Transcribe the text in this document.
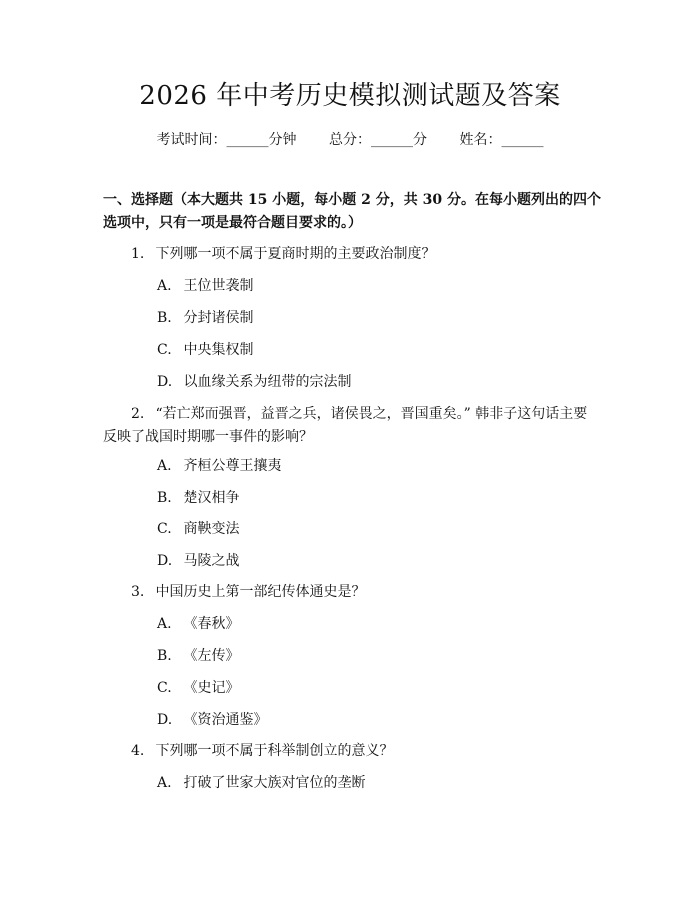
2026 年中考历史模拟测试题及答案
考试时间：______分钟 总分：______分 姓名：______
一、选择题（本大题共 15 小题，每小题 2 分，共 30 分。在每小题列出的四个选项中，只有一项是最符合题目要求的。）
1. 下列哪一项不属于夏商时期的主要政治制度？
A. 王位世袭制
B. 分封诸侯制
C. 中央集权制
D. 以血缘关系为纽带的宗法制
2. “若亡郑而强晋，益晋之兵，诸侯畏之，晋国重矣。” 韩非子这句话主要
反映了战国时期哪一事件的影响？
A. 齐桓公尊王攘夷
B. 楚汉相争
C. 商鞅变法
D. 马陵之战
3. 中国历史上第一部纪传体通史是？
A. 《春秋》
B. 《左传》
C. 《史记》
D. 《资治通鉴》
4. 下列哪一项不属于科举制创立的意义？
A. 打破了世家大族对官位的垄断
